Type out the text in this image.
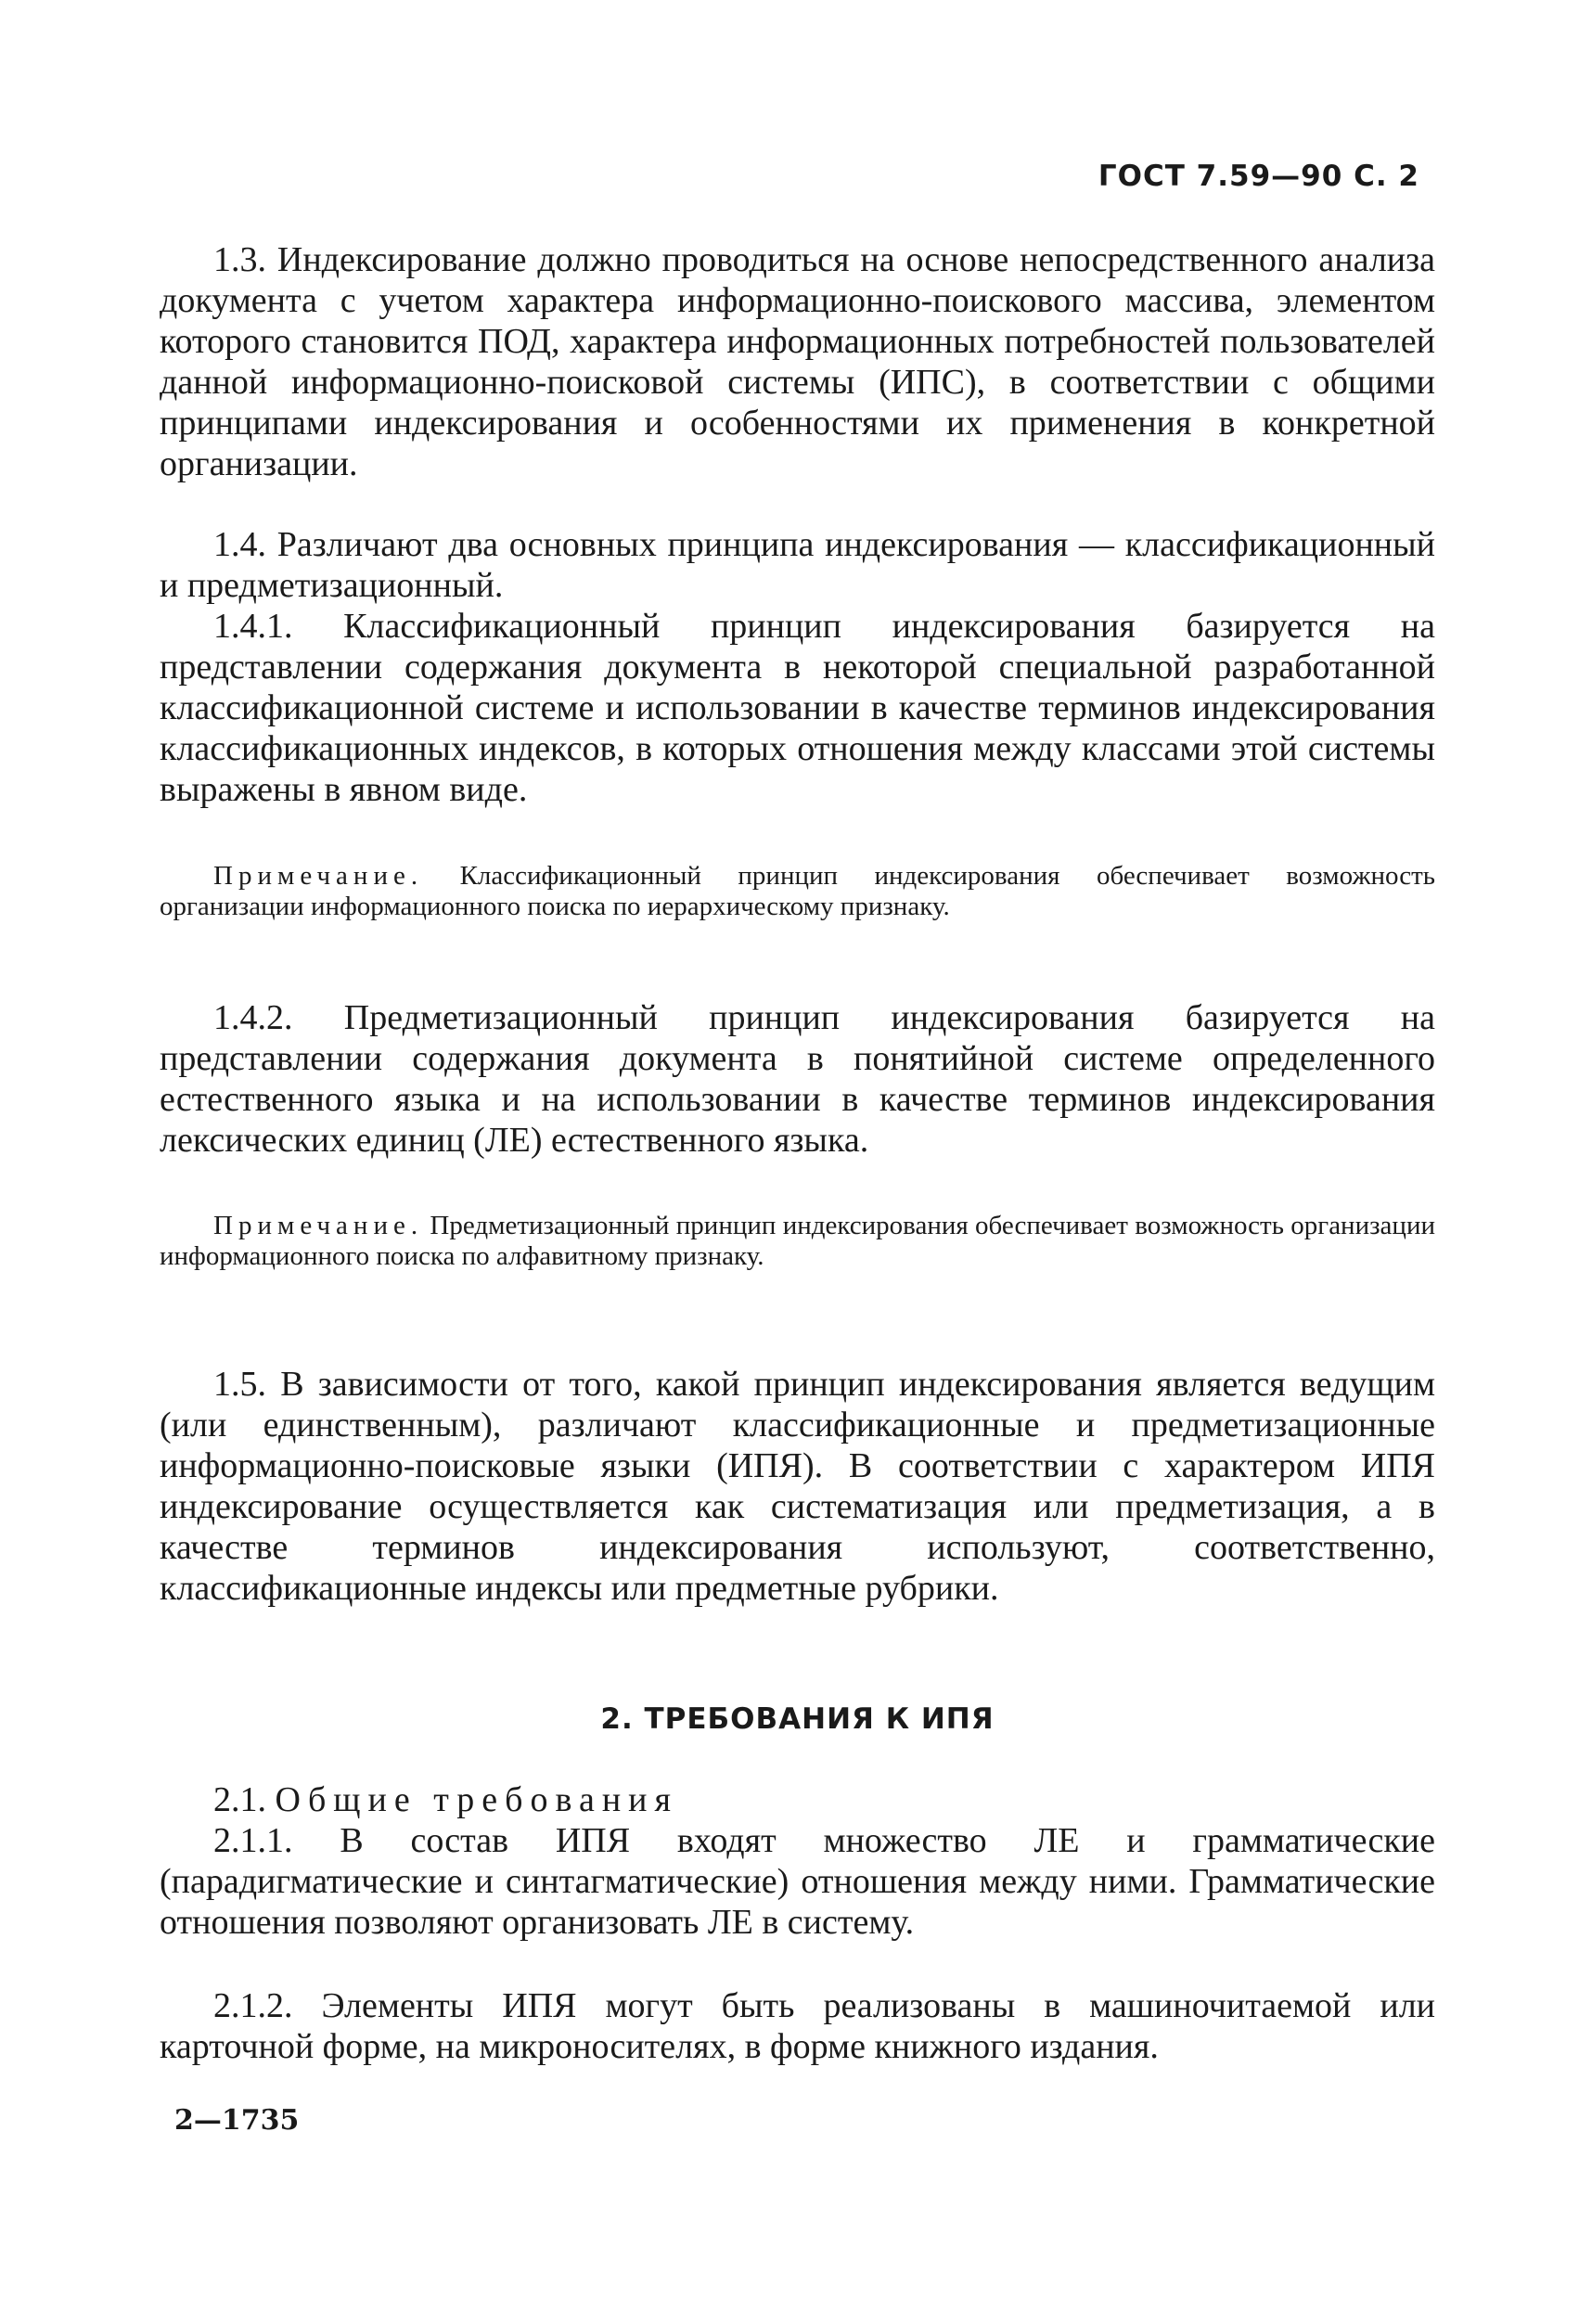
ГОСТ 7.59—90 С. 2

1.3. Индексирование должно проводиться на основе непосредственного анализа документа с учетом характера информационно-поискового массива, элементом которого становится ПОД, характера информационных потребностей пользователей данной информационно-поисковой системы (ИПС), в соответствии с общими принципами индексирования и особенностями их применения в конкретной организации.

1.4. Различают два основных принципа индексирования — классификационный и предметизационный.

1.4.1. Классификационный принцип индексирования базируется на представлении содержания документа в некоторой специальной разработанной классификационной системе и использовании в качестве терминов индексирования классификационных индексов, в которых отношения между классами этой системы выражены в явном виде.

Примечание. Классификационный принцип индексирования обеспечивает возможность организации информационного поиска по иерархическому признаку.

1.4.2. Предметизационный принцип индексирования базируется на представлении содержания документа в понятийной системе определенного естественного языка и на использовании в качестве терминов индексирования лексических единиц (ЛЕ) естественного языка.

Примечание. Предметизационный принцип индексирования обеспечивает возможность организации информационного поиска по алфавитному признаку.

1.5. В зависимости от того, какой принцип индексирования является ведущим (или единственным), различают классификационные и предметизационные информационно-поисковые языки (ИПЯ). В соответствии с характером ИПЯ индексирование осуществляется как систематизация или предметизация, а в качестве терминов индексирования используют, соответственно, классификационные индексы или предметные рубрики.

2. ТРЕБОВАНИЯ К ИПЯ

2.1. Общие требования

2.1.1. В состав ИПЯ входят множество ЛЕ и грамматические (парадигматические и синтагматические) отношения между ними. Грамматические отношения позволяют организовать ЛЕ в систему.

2.1.2. Элементы ИПЯ могут быть реализованы в машиночитаемой или карточной форме, на микроносителях, в форме книжного издания.

2—1735
